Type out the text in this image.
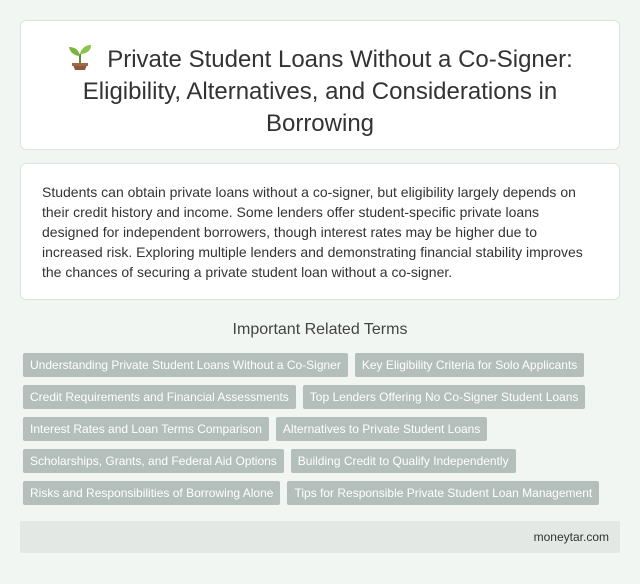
Private Student Loans Without a Co-Signer: Eligibility, Alternatives, and Considerations in Borrowing

Students can obtain private loans without a co-signer, but eligibility largely depends on their credit history and income. Some lenders offer student-specific private loans designed for independent borrowers, though interest rates may be higher due to increased risk. Exploring multiple lenders and demonstrating financial stability improves the chances of securing a private student loan without a co-signer.

Important Related Terms
Understanding Private Student Loans Without a Co-Signer	Key Eligibility Criteria for Solo Applicants
Credit Requirements and Financial Assessments	Top Lenders Offering No Co-Signer Student Loans
Interest Rates and Loan Terms Comparison	Alternatives to Private Student Loans
Scholarships, Grants, and Federal Aid Options	Building Credit to Qualify Independently
Risks and Responsibilities of Borrowing Alone	Tips for Responsible Private Student Loan Management
moneytar.com
